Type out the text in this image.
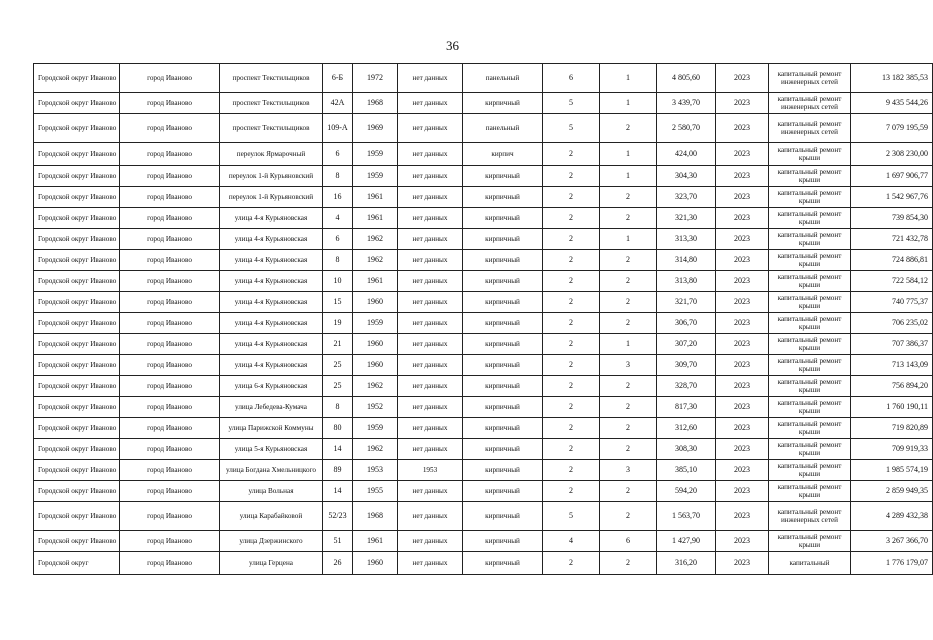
36
Городской округ Иваново	город Иваново	проспект Текстильщиков	6-Б	1972	нет данных	панельный	6	1	4 805,60	2023	капитальный ремонт инженерных сетей	13 182 385,53
Городской округ Иваново	город Иваново	проспект Текстильщиков	42А	1968	нет данных	кирпичный	5	1	3 439,70	2023	капитальный ремонт инженерных сетей	9 435 544,26
Городской округ Иваново	город Иваново	проспект Текстильщиков	109-А	1969	нет данных	панельный	5	2	2 580,70	2023	капитальный ремонт инженерных сетей	7 079 195,59
Городской округ Иваново	город Иваново	переулок Ярмарочный	6	1959	нет данных	кирпич	2	1	424,00	2023	капитальный ремонт крыши	2 308 230,00
Городской округ Иваново	город Иваново	переулок 1-й Курьяновский	8	1959	нет данных	кирпичный	2	1	304,30	2023	капитальный ремонт крыши	1 697 906,77
Городской округ Иваново	город Иваново	переулок 1-й Курьяновский	16	1961	нет данных	кирпичный	2	2	323,70	2023	капитальный ремонт крыши	1 542 967,76
Городской округ Иваново	город Иваново	улица 4-я Курьяновская	4	1961	нет данных	кирпичный	2	2	321,30	2023	капитальный ремонт крыши	739 854,30
Городской округ Иваново	город Иваново	улица 4-я Курьяновская	6	1962	нет данных	кирпичный	2	1	313,30	2023	капитальный ремонт крыши	721 432,78
Городской округ Иваново	город Иваново	улица 4-я Курьяновская	8	1962	нет данных	кирпичный	2	2	314,80	2023	капитальный ремонт крыши	724 886,81
Городской округ Иваново	город Иваново	улица 4-я Курьяновская	10	1961	нет данных	кирпичный	2	2	313,80	2023	капитальный ремонт крыши	722 584,12
Городской округ Иваново	город Иваново	улица 4-я Курьяновская	15	1960	нет данных	кирпичный	2	2	321,70	2023	капитальный ремонт крыши	740 775,37
Городской округ Иваново	город Иваново	улица 4-я Курьяновская	19	1959	нет данных	кирпичный	2	2	306,70	2023	капитальный ремонт крыши	706 235,02
Городской округ Иваново	город Иваново	улица 4-я Курьяновская	21	1960	нет данных	кирпичный	2	1	307,20	2023	капитальный ремонт крыши	707 386,37
Городской округ Иваново	город Иваново	улица 4-я Курьяновская	25	1960	нет данных	кирпичный	2	3	309,70	2023	капитальный ремонт крыши	713 143,09
Городской округ Иваново	город Иваново	улица 6-я Курьяновская	25	1962	нет данных	кирпичный	2	2	328,70	2023	капитальный ремонт крыши	756 894,20
Городской округ Иваново	город Иваново	улица Лебедева-Кумача	8	1952	нет данных	кирпичный	2	2	817,30	2023	капитальный ремонт крыши	1 760 190,11
Городской округ Иваново	город Иваново	улица Парижской Коммуны	80	1959	нет данных	кирпичный	2	2	312,60	2023	капитальный ремонт крыши	719 820,89
Городской округ Иваново	город Иваново	улица 5-я Курьяновская	14	1962	нет данных	кирпичный	2	2	308,30	2023	капитальный ремонт крыши	709 919,33
Городской округ Иваново	город Иваново	улица Богдана Хмельницкого	89	1953	1953	кирпичный	2	3	385,10	2023	капитальный ремонт крыши	1 985 574,19
Городской округ Иваново	город Иваново	улица Вольная	14	1955	нет данных	кирпичный	2	2	594,20	2023	капитальный ремонт крыши	2 859 949,35
Городской округ Иваново	город Иваново	улица Карабайковой	52/23	1968	нет данных	кирпичный	5	2	1 563,70	2023	капитальный ремонт инженерных сетей	4 289 432,38
Городской округ Иваново	город Иваново	улица Дзержинского	51	1961	нет данных	кирпичный	4	6	1 427,90	2023	капитальный ремонт крыши	3 267 366,70
Городской округ	город Иваново	улица Герцена	26	1960	нет данных	кирпичный	2	2	316,20	2023	капитальный	1 776 179,07
